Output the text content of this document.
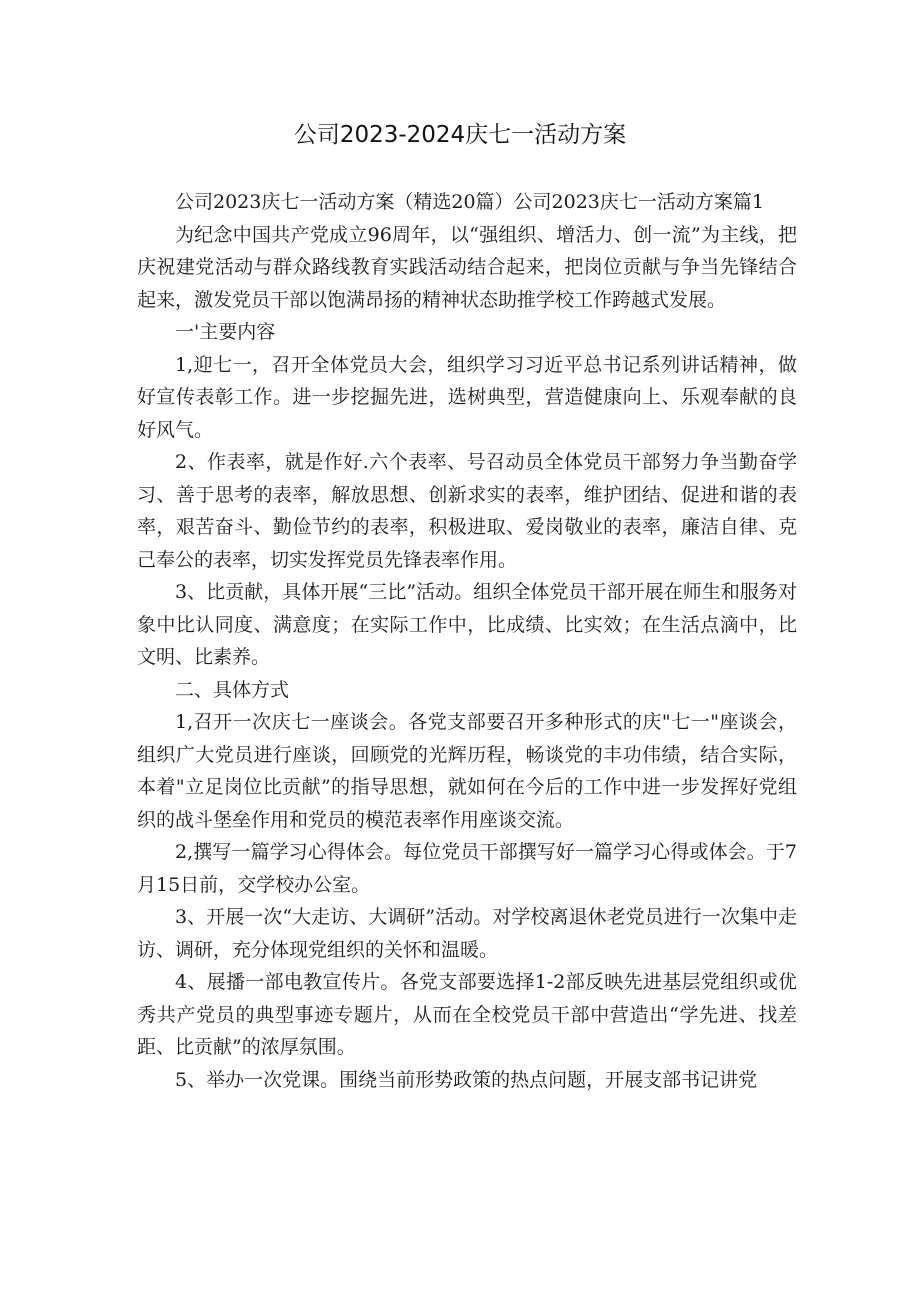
公司2023-2024庆七一活动方案

公司2023庆七一活动方案（精选20篇）公司2023庆七一活动方案篇1

为纪念中国共产党成立96周年，以“强组织、增活力、创一流”为主线，把庆祝建党活动与群众路线教育实践活动结合起来，把岗位贡献与争当先锋结合起来，激发党员干部以饱满昂扬的精神状态助推学校工作跨越式发展。

一'主要内容

1,迎七一，召开全体党员大会，组织学习习近平总书记系列讲话精神，做好宣传表彰工作。进一步挖掘先进，选树典型，营造健康向上、乐观奉献的良好风气。

2、作表率，就是作好.六个表率、号召动员全体党员干部努力争当勤奋学习、善于思考的表率，解放思想、创新求实的表率，维护团结、促进和谐的表率，艰苦奋斗、勤俭节约的表率，积极进取、爱岗敬业的表率，廉洁自律、克己奉公的表率，切实发挥党员先锋表率作用。

3、比贡献，具体开展“三比”活动。组织全体党员干部开展在师生和服务对象中比认同度、满意度；在实际工作中，比成绩、比实效；在生活点滴中，比文明、比素养。

二、具体方式

1,召开一次庆七一座谈会。各党支部要召开多种形式的庆"七一"座谈会，组织广大党员进行座谈，回顾党的光辉历程，畅谈党的丰功伟绩，结合实际，本着"立足岗位比贡献”的指导思想，就如何在今后的工作中进一步发挥好党组织的战斗堡垒作用和党员的模范表率作用座谈交流。

2,撰写一篇学习心得体会。每位党员干部撰写好一篇学习心得或体会。于7月15日前，交学校办公室。

3、开展一次“大走访、大调研”活动。对学校离退休老党员进行一次集中走访、调研，充分体现党组织的关怀和温暖。

4、展播一部电教宣传片。各党支部要选择1-2部反映先进基层党组织或优秀共产党员的典型事迹专题片，从而在全校党员干部中营造出“学先进、找差距、比贡献”的浓厚氛围。

5、举办一次党课。围绕当前形势政策的热点问题，开展支部书记讲党
